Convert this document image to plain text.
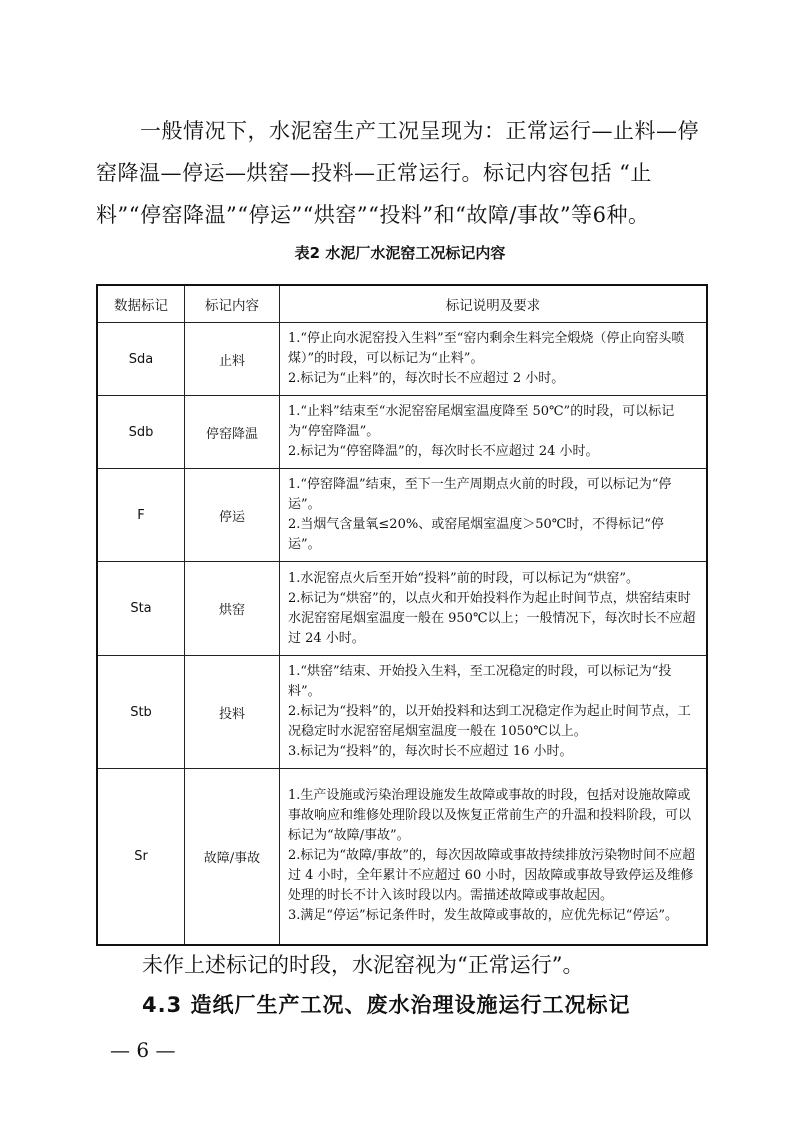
一般情况下，水泥窑生产工况呈现为：正常运行—止料—停窑降温—停运—烘窑—投料—正常运行。标记内容包括 “止料”“停窑降温”“停运”“烘窑”“投料”和“故障/事故”等6种。

表2 水泥厂水泥窑工况标记内容
数据标记	标记内容	标记说明及要求
Sda	止料	1.“停止向水泥窑投入生料”至“窑内剩余生料完全煅烧（停止向窑头喷煤）”的时段，可以标记为“止料”。
2.标记为“止料”的，每次时长不应超过 2 小时。

Sdb	停窑降温	1.“止料”结束至“水泥窑窑尾烟室温度降至 50℃”的时段，可以标记为“停窑降温”。
2.标记为“停窑降温”的，每次时长不应超过 24 小时。

F	停运	1.“停窑降温”结束，至下一生产周期点火前的时段，可以标记为“停运”。
2.当烟气含量氧≤20%、或窑尾烟室温度＞50℃时，不得标记“停运”。

Sta	烘窑	1.水泥窑点火后至开始“投料”前的时段，可以标记为“烘窑”。
2.标记为“烘窑”的，以点火和开始投料作为起止时间节点，烘窑结束时水泥窑窑尾烟室温度一般在 950℃以上；一般情况下，每次时长不应超过 24 小时。

Stb	投料	1.“烘窑”结束、开始投入生料，至工况稳定的时段，可以标记为“投料”。
2.标记为“投料”的，以开始投料和达到工况稳定作为起止时间节点，工况稳定时水泥窑窑尾烟室温度一般在 1050℃以上。
3.标记为“投料”的，每次时长不应超过 16 小时。

Sr	故障/事故	1.生产设施或污染治理设施发生故障或事故的时段，包括对设施故障或事故响应和维修处理阶段以及恢复正常前生产的升温和投料阶段，可以标记为“故障/事故”。
2.标记为“故障/事故”的，每次因故障或事故持续排放污染物时间不应超过 4 小时，全年累计不应超过 60 小时，因故障或事故导致停运及维修处理的时长不计入该时段以内。需描述故障或事故起因。
3.满足“停运”标记条件时，发生故障或事故的，应优先标记“停运”。

未作上述标记的时段，水泥窑视为“正常运行”。

4.3 造纸厂生产工况、废水治理设施运行工况标记
— 6 —
